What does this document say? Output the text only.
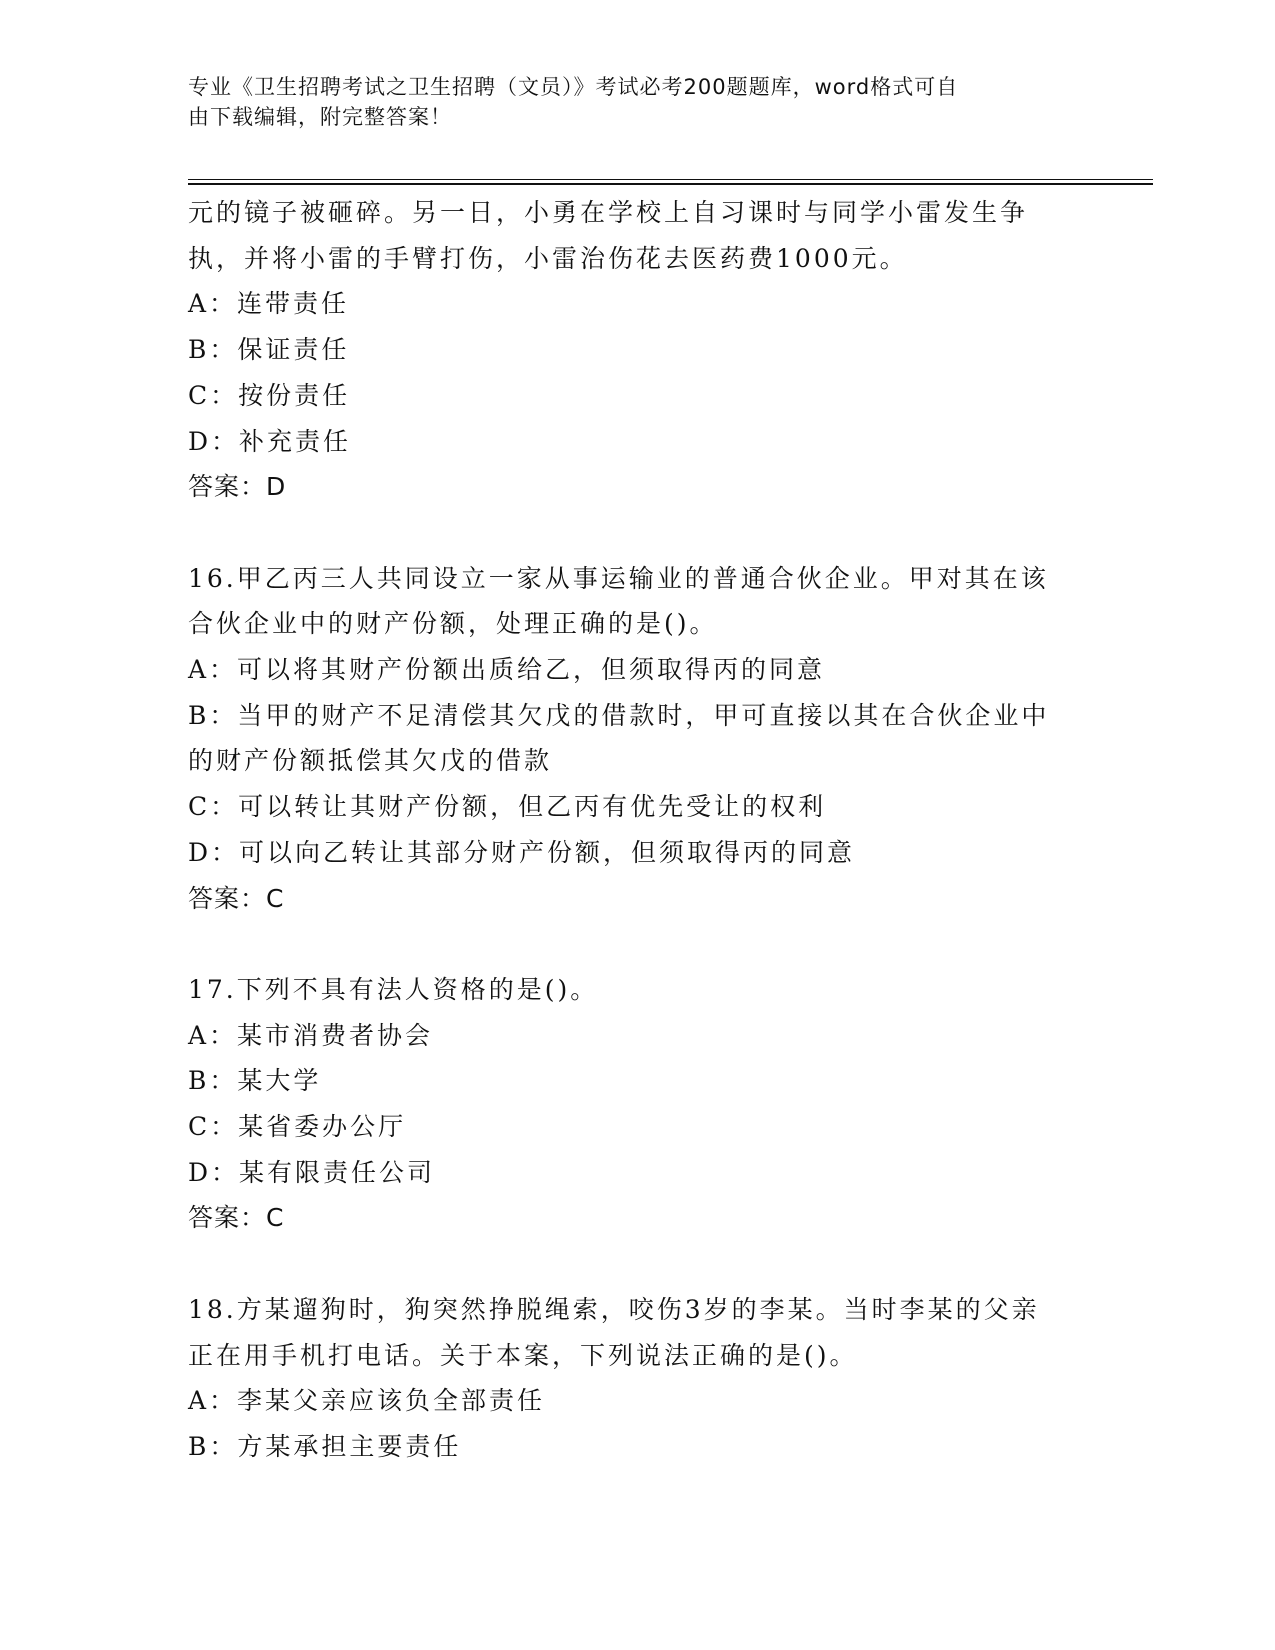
专业《卫生招聘考试之卫生招聘（文员）》考试必考200题题库，word格式可自
由下载编辑，附完整答案！
元的镜子被砸碎。另一日，小勇在学校上自习课时与同学小雷发生争
执，并将小雷的手臂打伤，小雷治伤花去医药费1000元。
A：连带责任
B：保证责任
C：按份责任
D：补充责任
答案：D
16.甲乙丙三人共同设立一家从事运输业的普通合伙企业。甲对其在该
合伙企业中的财产份额，处理正确的是()。
A：可以将其财产份额出质给乙，但须取得丙的同意
B：当甲的财产不足清偿其欠戊的借款时，甲可直接以其在合伙企业中
的财产份额抵偿其欠戊的借款
C：可以转让其财产份额，但乙丙有优先受让的权利
D：可以向乙转让其部分财产份额，但须取得丙的同意
答案：C
17.下列不具有法人资格的是()。
A：某市消费者协会
B：某大学
C：某省委办公厅
D：某有限责任公司
答案：C
18.方某遛狗时，狗突然挣脱绳索，咬伤3岁的李某。当时李某的父亲
正在用手机打电话。关于本案，下列说法正确的是()。
A：李某父亲应该负全部责任
B：方某承担主要责任
